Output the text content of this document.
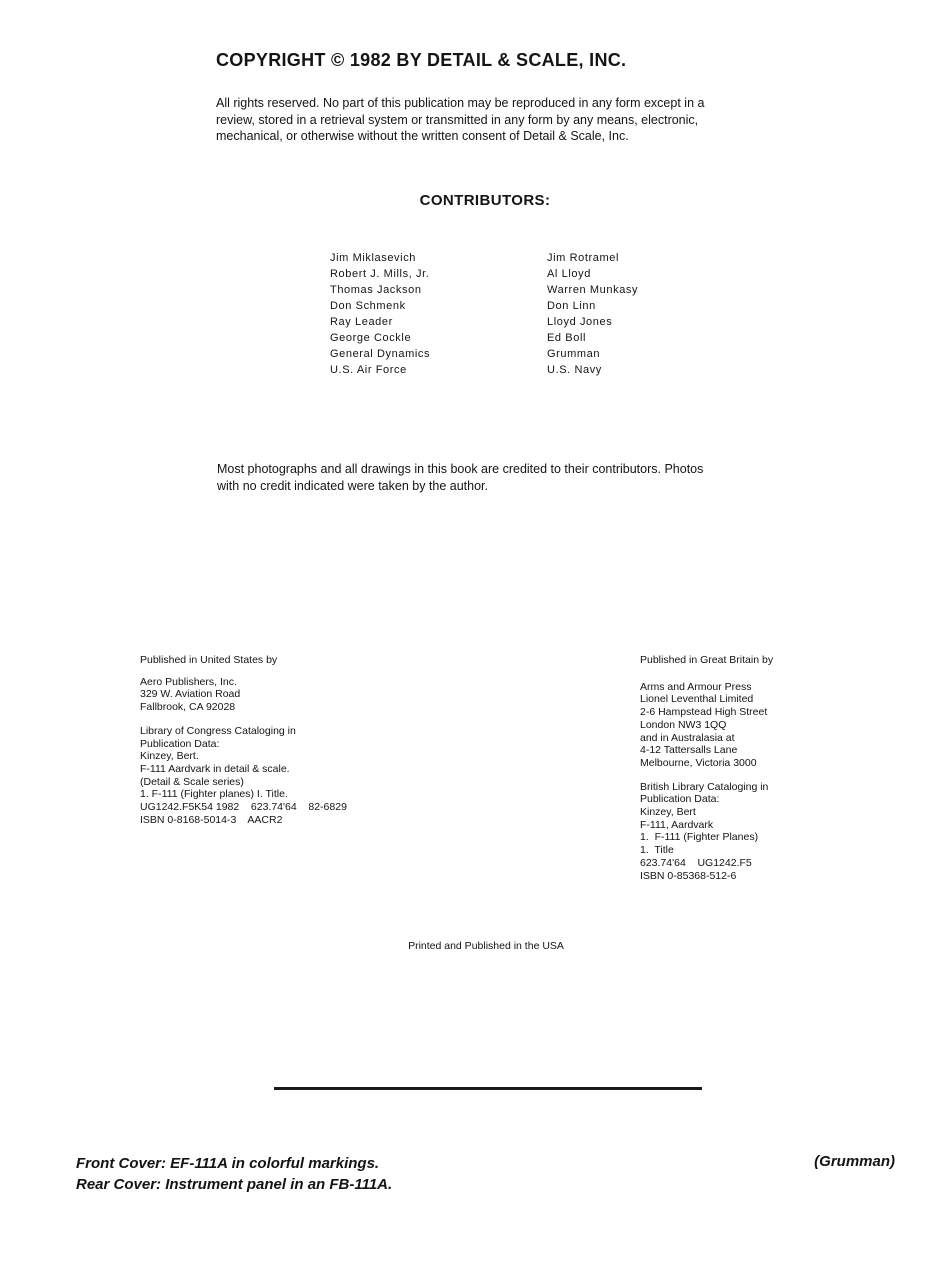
COPYRIGHT © 1982 BY DETAIL & SCALE, INC.
All rights reserved. No part of this publication may be reproduced in any form except in a
review, stored in a retrieval system or transmitted in any form by any means, electronic,
mechanical, or otherwise without the written consent of Detail & Scale, Inc.
CONTRIBUTORS:
Jim Miklasevich
Robert J. Mills, Jr.
Thomas Jackson
Don Schmenk
Ray Leader
George Cockle
General Dynamics
U.S. Air Force
Jim Rotramel
Al Lloyd
Warren Munkasy
Don Linn
Lloyd Jones
Ed Boll
Grumman
U.S. Navy
Most photographs and all drawings in this book are credited to their contributors. Photos
with no credit indicated were taken by the author.
Published in United States by
Aero Publishers, Inc.
329 W. Aviation Road
Fallbrook, CA 92028
Library of Congress Cataloging in
Publication Data:
Kinzey, Bert.
F-111 Aardvark in detail & scale.
(Detail & Scale series)
1. F-111 (Fighter planes) I. Title.
UG1242.F5K54 1982    623.74'64    82-6829
ISBN 0-8168-5014-3    AACR2
Published in Great Britain by
Arms and Armour Press
Lionel Leventhal Limited
2-6 Hampstead High Street
London NW3 1QQ
and in Australasia at
4-12 Tattersalls Lane
Melbourne, Victoria 3000
British Library Cataloging in
Publication Data:
Kinzey, Bert
F-111, Aardvark
1.  F-111 (Fighter Planes)
1.  Title
623.74'64    UG1242.F5
ISBN 0-85368-512-6
Printed and Published in the USA
Front Cover: EF-111A in colorful markings.
Rear Cover: Instrument panel in an FB-111A.
(Grumman)
